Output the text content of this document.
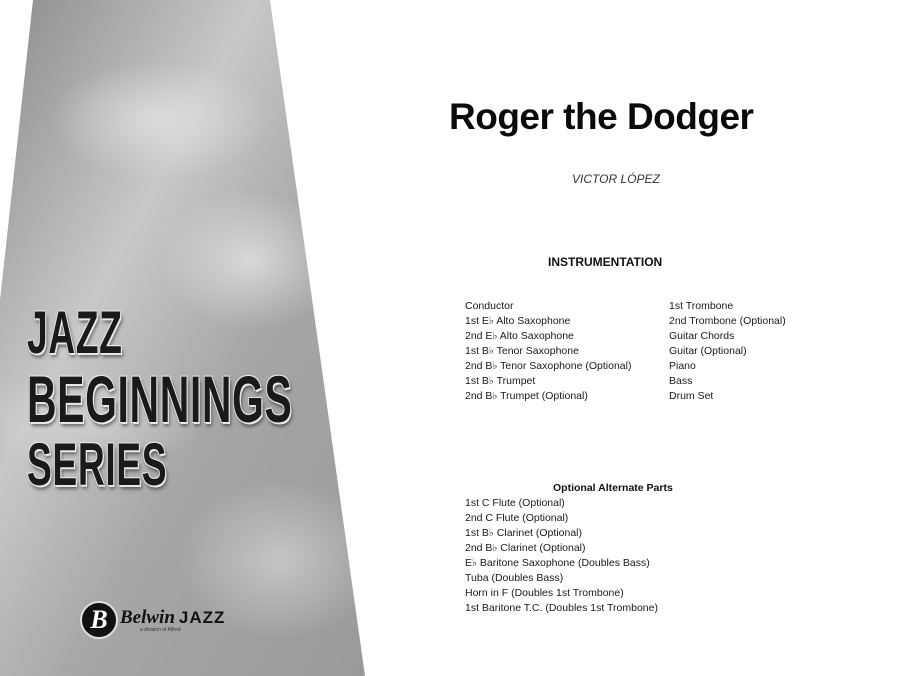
JAZZ
BEGINNINGS
SERIES
B Belwin JAZZ
a division of Alfred
Roger the Dodger
VICTOR LÓPEZ
INSTRUMENTATION
Conductor
1st E♭ Alto Saxophone
2nd E♭ Alto Saxophone
1st B♭ Tenor Saxophone
2nd B♭ Tenor Saxophone (Optional)
1st B♭ Trumpet
2nd B♭ Trumpet (Optional)
1st Trombone
2nd Trombone (Optional)
Guitar Chords
Guitar (Optional)
Piano
Bass
Drum Set
Optional Alternate Parts
1st C Flute (Optional)
2nd C Flute (Optional)
1st B♭ Clarinet (Optional)
2nd B♭ Clarinet (Optional)
E♭ Baritone Saxophone (Doubles Bass)
Tuba (Doubles Bass)
Horn in F (Doubles 1st Trombone)
1st Baritone T.C. (Doubles 1st Trombone)
